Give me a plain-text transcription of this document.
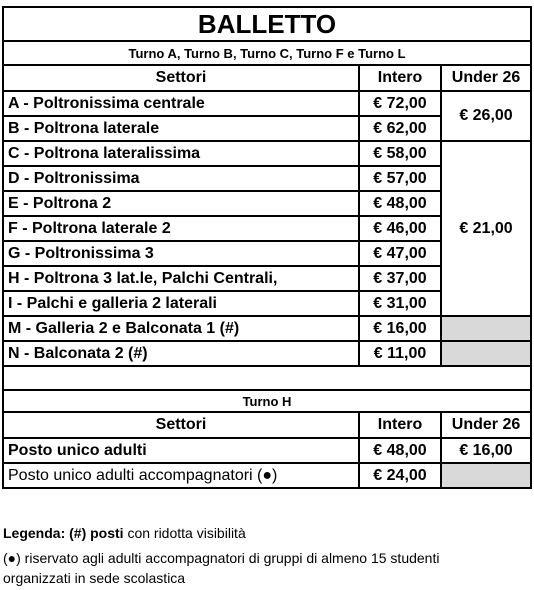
BALLETTO		
Turno A, Turno B, Turno C, Turno F e Turno L		
Settori	Intero	Under 26
A - Poltronissima centrale	€ 72,00	€ 26,00
B - Poltrona laterale	€ 62,00	
C - Poltrona lateralissima	€ 58,00	€ 21,00
D - Poltronissima	€ 57,00	
E - Poltrona 2	€ 48,00	
F - Poltrona laterale 2	€ 46,00	
G - Poltronissima 3	€ 47,00	
H - Poltrona 3 lat.le, Palchi Centrali,	€ 37,00	
I - Palchi e galleria 2 laterali	€ 31,00	
M - Galleria 2 e Balconata 1 (#)	€ 16,00	
N - Balconata 2 (#)	€ 11,00	

Turno H		
Settori	Intero	Under 26
Posto unico adulti	€ 48,00	€ 16,00
Posto unico adulti accompagnatori (●)	€ 24,00	
Legenda: (#) posti con ridotta visibilità
(●) riservato agli adulti accompagnatori di gruppi di almeno 15 studenti
organizzati in sede scolastica
